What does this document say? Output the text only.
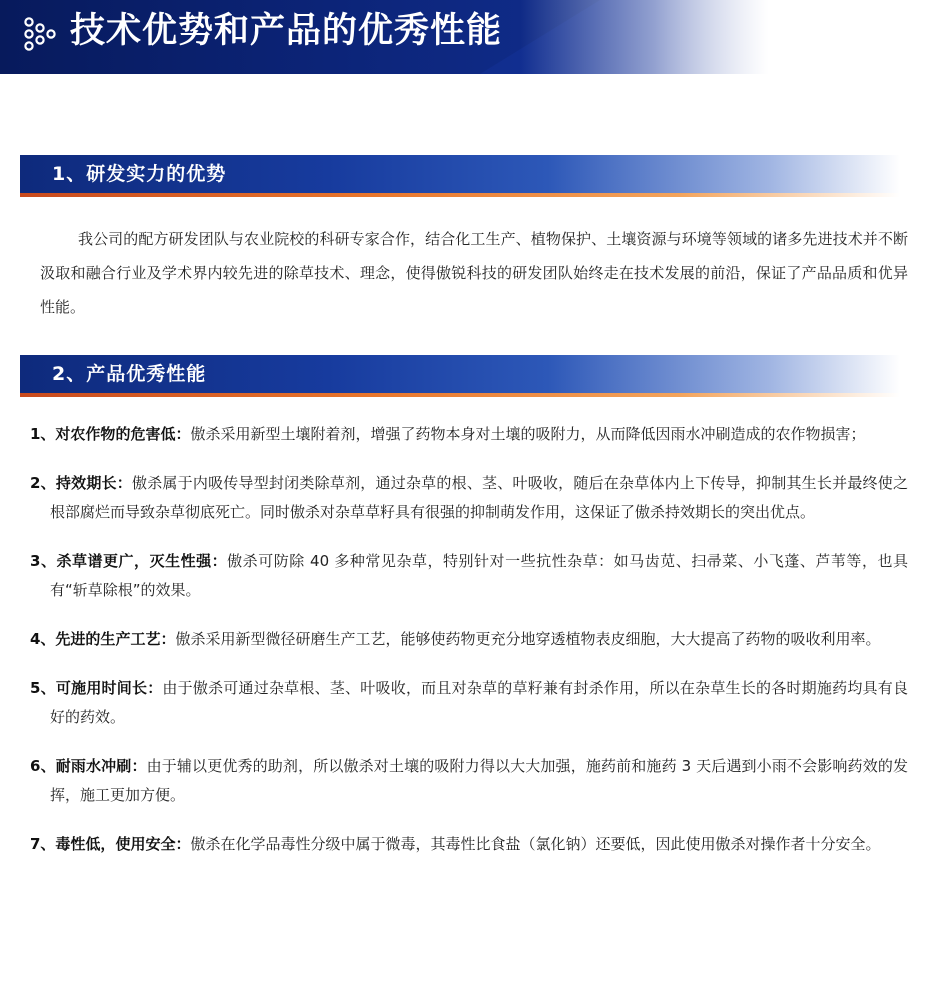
技术优势和产品的优秀性能
1、研发实力的优势

我公司的配方研发团队与农业院校的科研专家合作，结合化工生产、植物保护、土壤资源与环境等领域的诸多先进技术并不断汲取和融合行业及学术界内较先进的除草技术、理念，使得傲锐科技的研发团队始终走在技术发展的前沿，保证了产品品质和优异性能。

2、产品优秀性能
1、对农作物的危害低：傲杀采用新型土壤附着剂，增强了药物本身对土壤的吸附力，从而降低因雨水冲刷造成的农作物损害；
2、持效期长：傲杀属于内吸传导型封闭类除草剂，通过杂草的根、茎、叶吸收，随后在杂草体内上下传导，抑制其生长并最终使之根部腐烂而导致杂草彻底死亡。同时傲杀对杂草草籽具有很强的抑制萌发作用，这保证了傲杀持效期长的突出优点。
3、杀草谱更广，灭生性强：傲杀可防除 40 多种常见杂草，特别针对一些抗性杂草：如马齿苋、扫帚菜、小飞蓬、芦苇等，也具有“斩草除根”的效果。
4、先进的生产工艺：傲杀采用新型微径研磨生产工艺，能够使药物更充分地穿透植物表皮细胞，大大提高了药物的吸收利用率。
5、可施用时间长：由于傲杀可通过杂草根、茎、叶吸收，而且对杂草的草籽兼有封杀作用，所以在杂草生长的各时期施药均具有良好的药效。
6、耐雨水冲刷：由于辅以更优秀的助剂，所以傲杀对土壤的吸附力得以大大加强，施药前和施药 3 天后遇到小雨不会影响药效的发挥，施工更加方便。
7、毒性低，使用安全：傲杀在化学品毒性分级中属于微毒，其毒性比食盐（氯化钠）还要低，因此使用傲杀对操作者十分安全。
